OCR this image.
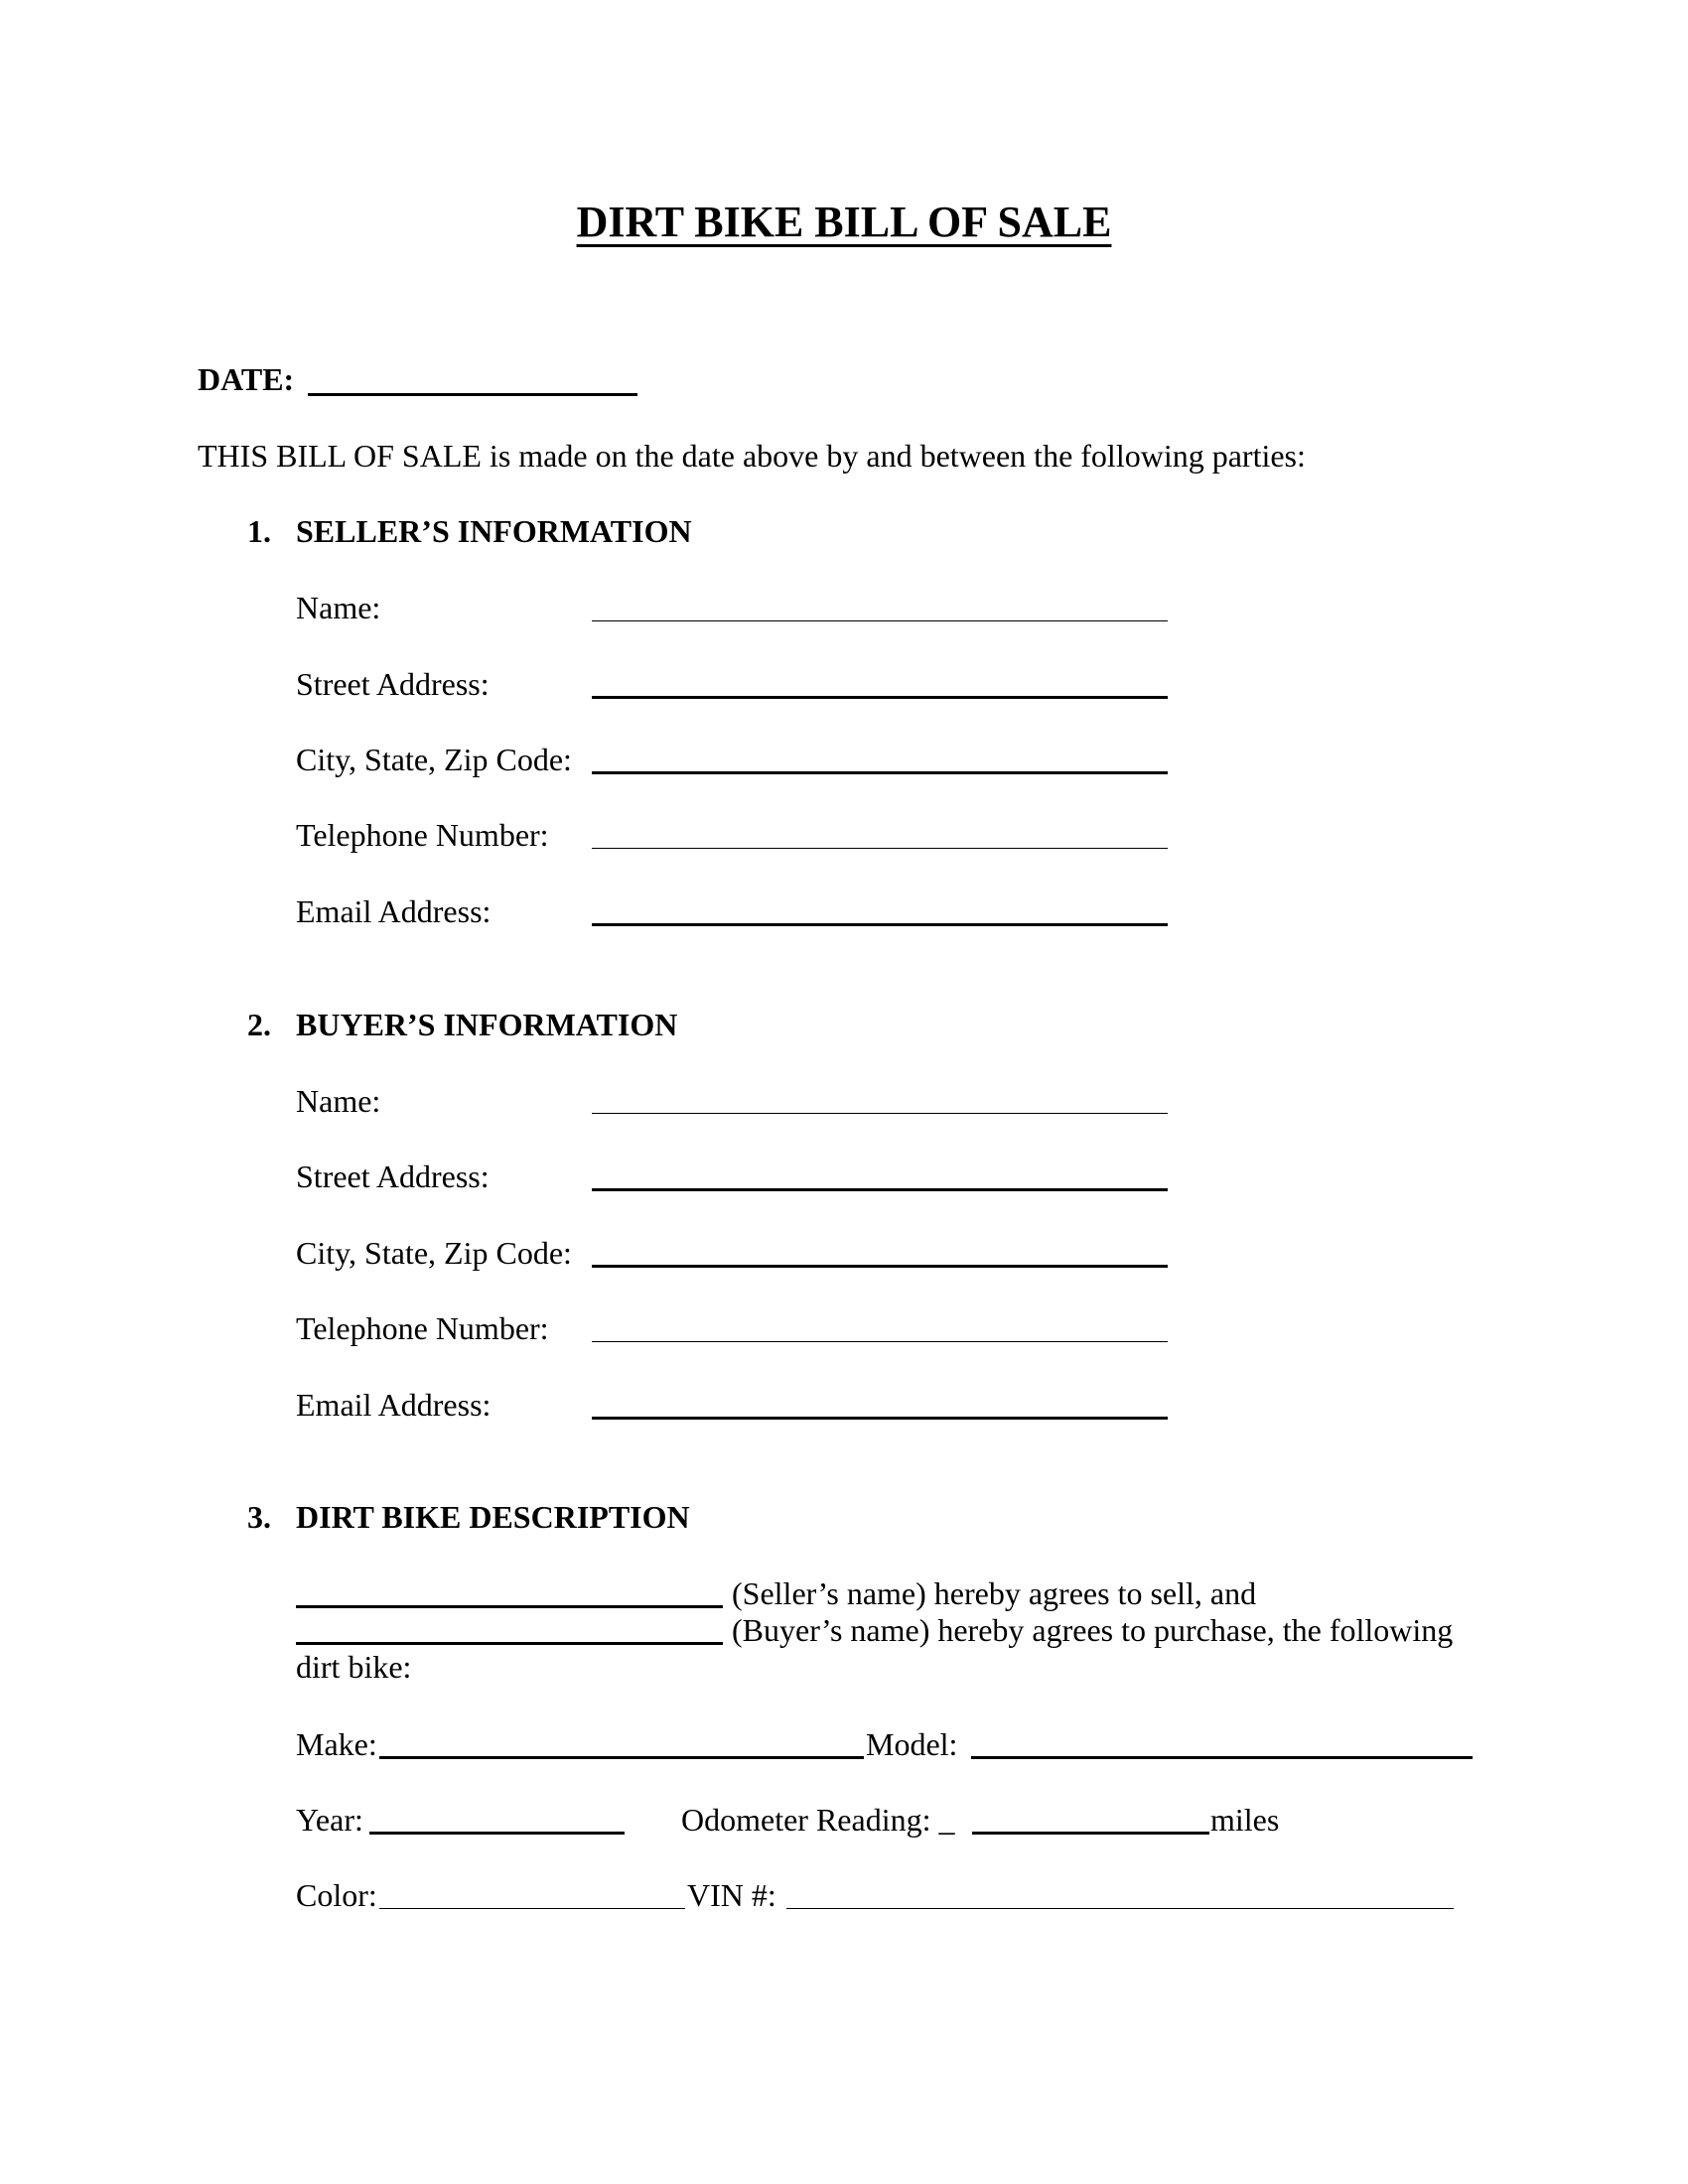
DIRT BIKE BILL OF SALE
DATE:
THIS BILL OF SALE is made on the date above by and between the following parties:
1. SELLER’S INFORMATION
Name:
Street Address:
City, State, Zip Code:
Telephone Number:
Email Address:
2. BUYER’S INFORMATION
Name:
Street Address:
City, State, Zip Code:
Telephone Number:
Email Address:
3. DIRT BIKE DESCRIPTION
(Seller’s name) hereby agrees to sell, and
(Buyer’s name) hereby agrees to purchase, the following
dirt bike:
Make:	Model:
Year:	Odometer Reading: _	miles
Color:	VIN #:
